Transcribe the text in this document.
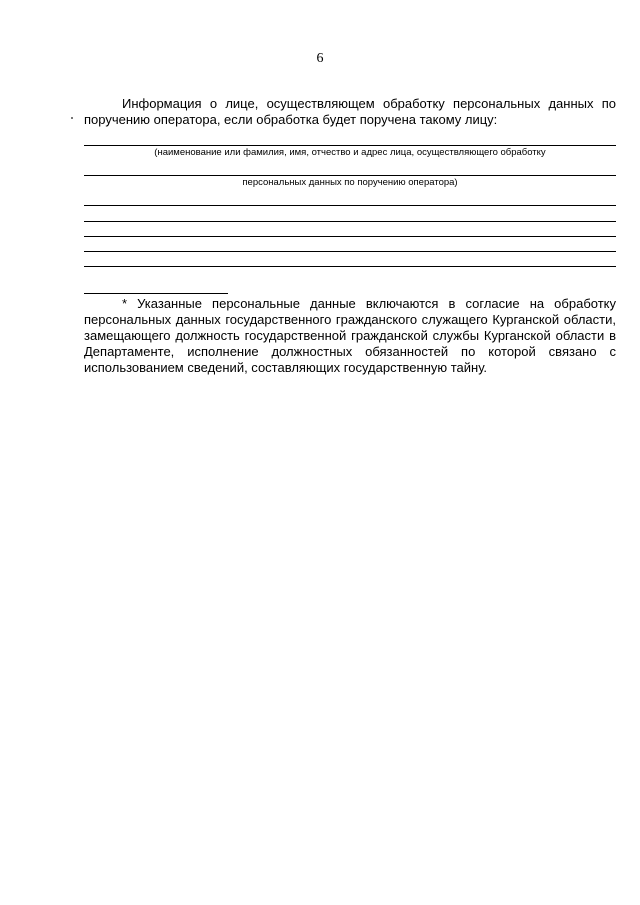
6
Информация о лице, осуществляющем обработку персональных данных по
поручению оператора, если обработка будет поручена такому лицу:
(наименование или фамилия, имя, отчество и адрес лица, осуществляющего обработку
персональных данных по поручению оператора)
* Указанные персональные данные включаются в согласие на обработку персональных данных государственного гражданского служащего Курганской области, замещающего должность государственной гражданской службы Курганской области в Департаменте, исполнение должностных обязанностей по которой связано с использованием сведений, составляющих государственную тайну.
